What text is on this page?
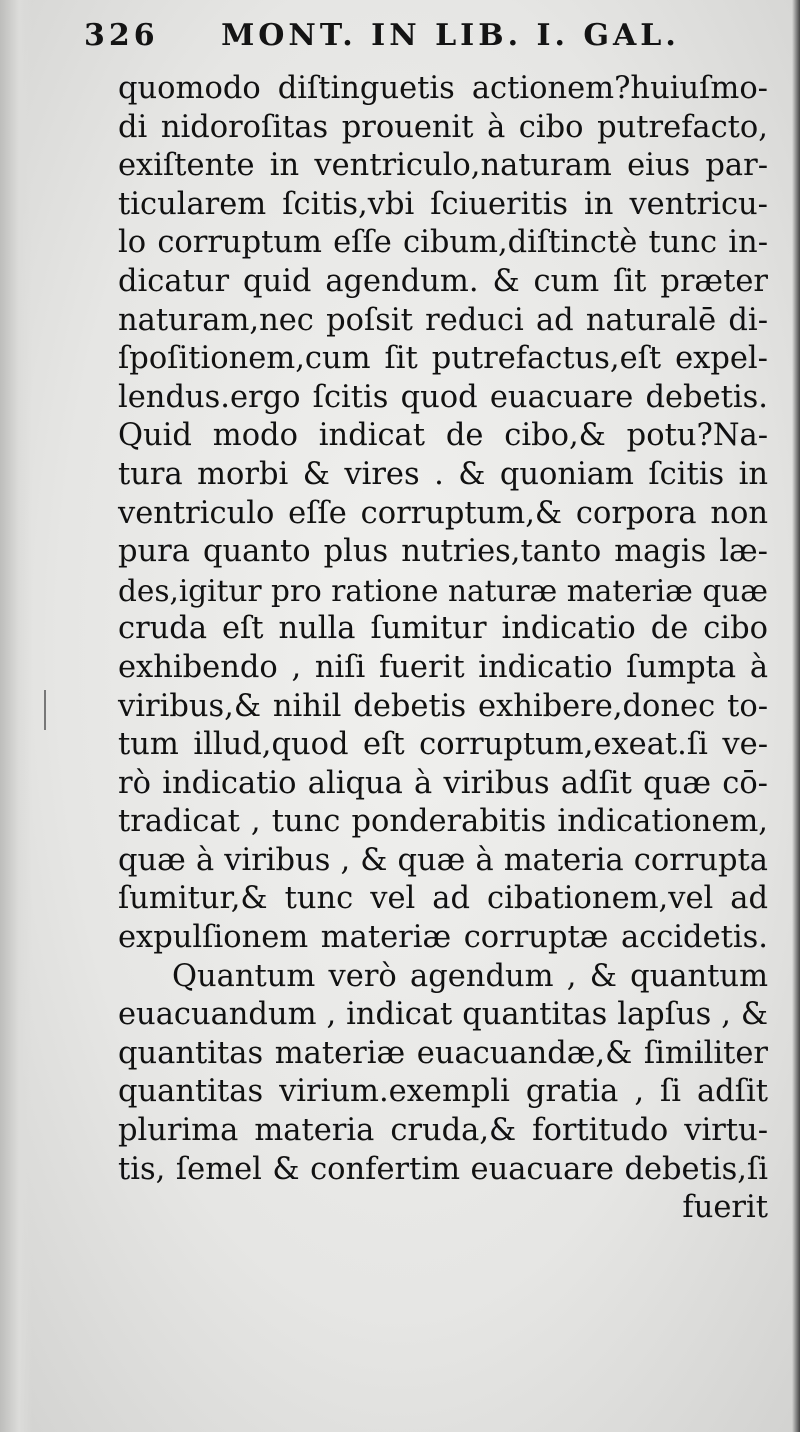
326 MONT. IN LIB. I. GAL.
quomodo diſtinguetis actionem?huiuſmo-
di nidoroſitas prouenit à cibo putrefacto,
exiſtente in ventriculo,naturam eius par-
ticularem ſcitis,vbi ſciueritis in ventricu-
lo corruptum eſſe cibum,diſtinctè tunc in-
dicatur quid agendum. & cum ſit præter
naturam,nec poſsit reduci ad naturalē di-
ſpoſitionem,cum ſit putrefactus,eſt expel-
lendus.ergo ſcitis quod euacuare debetis.
Quid modo indicat de cibo,& potu?Na-
tura morbi & vires . & quoniam ſcitis in
ventriculo eſſe corruptum,& corpora non
pura quanto plus nutries,tanto magis læ-
des,igitur pro ratione naturæ materiæ quæ
cruda eſt nulla ſumitur indicatio de cibo
exhibendo , niſi fuerit indicatio ſumpta à
viribus,& nihil debetis exhibere,donec to-
tum illud,quod eſt corruptum,exeat.ſi ve-
rò indicatio aliqua à viribus adſit quæ cō-
tradicat , tunc ponderabitis indicationem,
quæ à viribus , & quæ à materia corrupta
ſumitur,& tunc vel ad cibationem,vel ad
expulſionem materiæ corruptæ accidetis.
Quantum verò agendum , & quantum
euacuandum , indicat quantitas lapſus , &
quantitas materiæ euacuandæ,& ſimiliter
quantitas virium.exempli gratia , ſi adſit
plurima materia cruda,& fortitudo virtu-
tis, ſemel & confertim euacuare debetis,ſi
fuerit
